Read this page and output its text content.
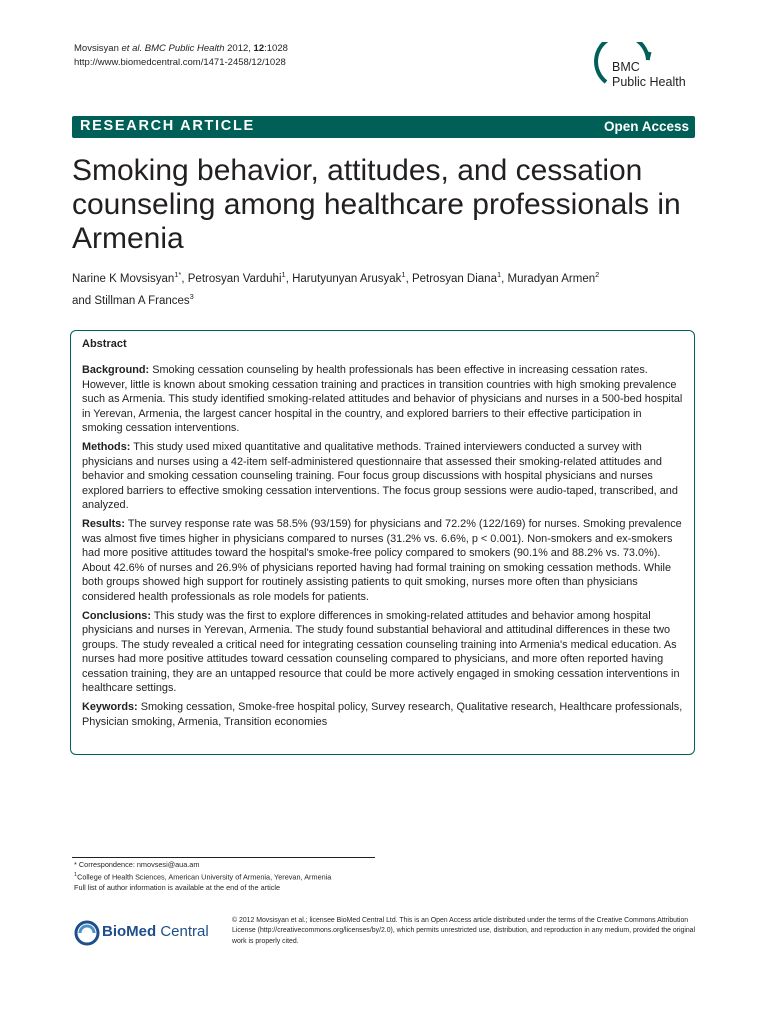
Movsisyan et al. BMC Public Health 2012, 12:1028
http://www.biomedcentral.com/1471-2458/12/1028	BMC
Public Health
RESEARCH ARTICLE	Open Access
Smoking behavior, attitudes, and cessation counseling among healthcare professionals in Armenia
Narine K Movsisyan$^{1*}$, Petrosyan Varduhi$^1$, Harutyunyan Arusyak$^1$, Petrosyan Diana$^1$, Muradyan Armen$^2$
and Stillman A Frances$^3$
Abstract

Background: Smoking cessation counseling by health professionals has been effective in increasing cessation rates. However, little is known about smoking cessation training and practices in transition countries with high smoking prevalence such as Armenia. This study identified smoking-related attitudes and behavior of physicians and nurses in a 500-bed hospital in Yerevan, Armenia, the largest cancer hospital in the country, and explored barriers to their effective participation in smoking cessation interventions.

Methods: This study used mixed quantitative and qualitative methods. Trained interviewers conducted a survey with physicians and nurses using a 42-item self-administered questionnaire that assessed their smoking-related attitudes and behavior and smoking cessation counseling training. Four focus group discussions with hospital physicians and nurses explored barriers to effective smoking cessation interventions. The focus group sessions were audio-taped, transcribed, and analyzed.

Results: The survey response rate was 58.5% (93/159) for physicians and 72.2% (122/169) for nurses. Smoking prevalence was almost five times higher in physicians compared to nurses (31.2% vs. 6.6%, p < 0.001). Non-smokers and ex-smokers had more positive attitudes toward the hospital's smoke-free policy compared to smokers (90.1% and 88.2% vs. 73.0%). About 42.6% of nurses and 26.9% of physicians reported having had formal training on smoking cessation methods. While both groups showed high support for routinely assisting patients to quit smoking, nurses more often than physicians considered health professionals as role models for patients.

Conclusions: This study was the first to explore differences in smoking-related attitudes and behavior among hospital physicians and nurses in Yerevan, Armenia. The study found substantial behavioral and attitudinal differences in these two groups. The study revealed a critical need for integrating cessation counseling training into Armenia's medical education. As nurses had more positive attitudes toward cessation counseling compared to physicians, and more often reported having cessation training, they are an untapped resource that could be more actively engaged in smoking cessation interventions in healthcare settings.

Keywords: Smoking cessation, Smoke-free hospital policy, Survey research, Qualitative research, Healthcare professionals, Physician smoking, Armenia, Transition economies

* Correspondence: nmovsesi@aua.am
$^1$College of Health Sciences, American University of Armenia, Yerevan, Armenia
Full list of author information is available at the end of the article
BioMed Central
© 2012 Movsisyan et al.; licensee BioMed Central Ltd. This is an Open Access article distributed under the terms of the Creative Commons Attribution License (http://creativecommons.org/licenses/by/2.0), which permits unrestricted use, distribution, and reproduction in any medium, provided the original work is properly cited.
